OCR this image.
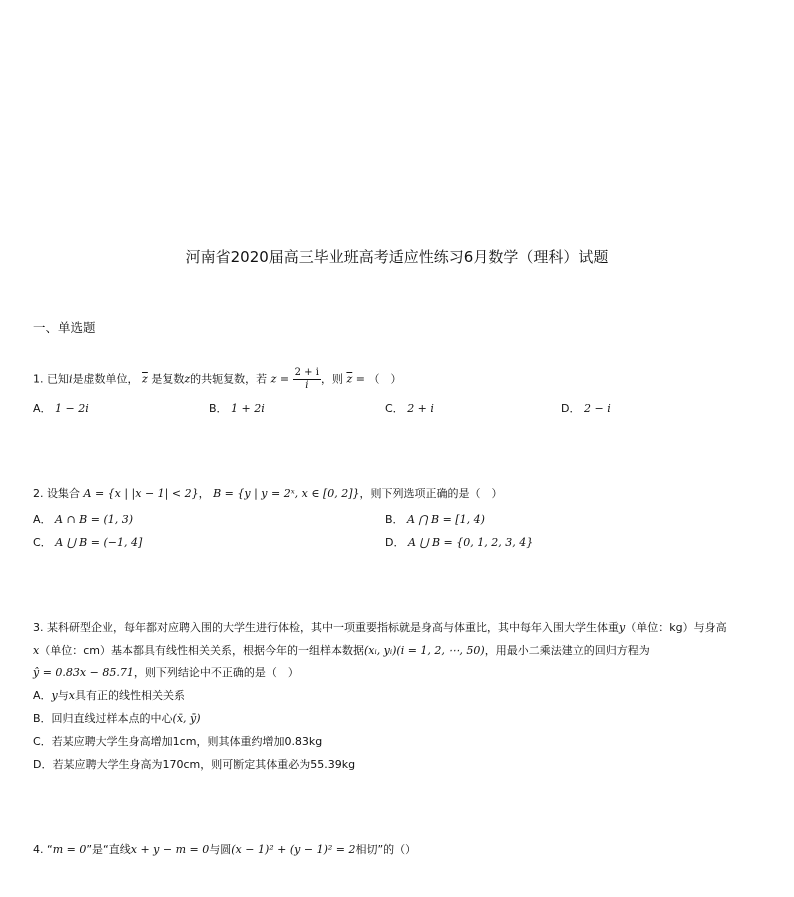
河南省2020届高三毕业班高考适应性练习6月数学（理科）试题
一、单选题
1. 已知i是虚数单位， $\overline{z}$ 是复数z的共轭复数，若 $z = \frac{2 + i}{i}$ ，则 $\overline{z}$ = （　）
A． 1 − 2i	B． 1 + 2i	C． 2 + i	D． 2 − i
2. 设集合 A = {x | |x − 1| < 2}， B = {y | y = 2ˣ, x ∈ [0, 2]}，则下列选项正确的是（　）
A． A ∩ B = (1, 3)	B． A ⋂ B = [1, 4)
C． A ⋃ B = (−1, 4]	D． A ⋃ B = {0, 1, 2, 3, 4}
3. 某科研型企业，每年都对应聘入围的大学生进行体检，其中一项重要指标就是身高与体重比，其中每年入围大学生体重y（单位：kg）与身高
x（单位：cm）基本都具有线性相关关系，根据今年的一组样本数据(xᵢ, yᵢ)(i = 1, 2, ⋯, 50)，用最小二乘法建立的回归方程为
ŷ = 0.83x − 85.71，则下列结论中不正确的是（　）
A．y与x具有正的线性相关关系
B．回归直线过样本点的中心(x̄, ȳ)
C．若某应聘大学生身高增加1cm，则其体重约增加0.83kg
D．若某应聘大学生身高为170cm，则可断定其体重必为55.39kg
4. “m = 0”是“直线x + y − m = 0与圆(x − 1)² + (y − 1)² = 2相切”的（）
